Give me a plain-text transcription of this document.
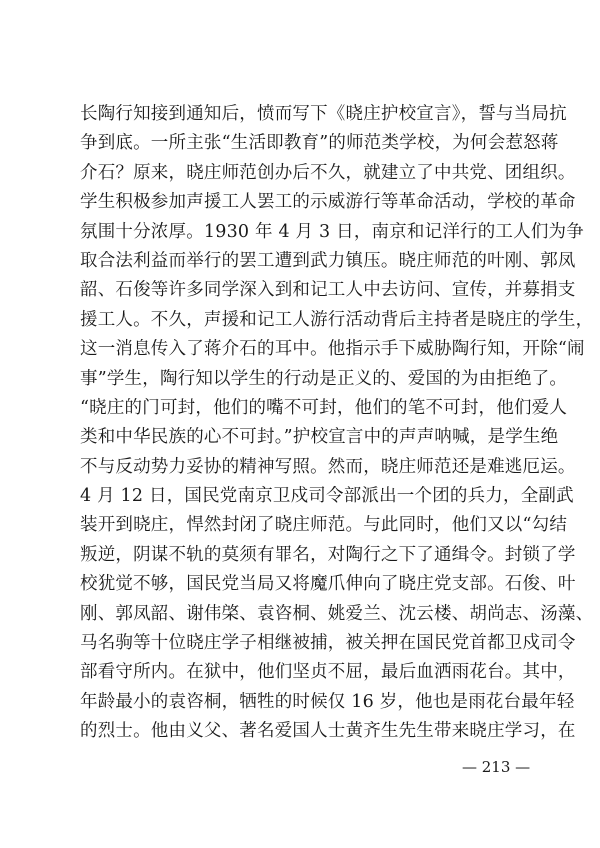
长陶行知接到通知后，愤而写下《晓庄护校宣言》，誓与当局抗
争到底。一所主张“生活即教育”的师范类学校，为何会惹怒蒋
介石？原来，晓庄师范创办后不久，就建立了中共党、团组织。
学生积极参加声援工人罢工的示威游行等革命活动，学校的革命
氛围十分浓厚。1930 年 4 月 3 日，南京和记洋行的工人们为争
取合法利益而举行的罢工遭到武力镇压。晓庄师范的叶刚、郭凤
韶、石俊等许多同学深入到和记工人中去访问、宣传，并募捐支
援工人。不久，声援和记工人游行活动背后主持者是晓庄的学生，
这一消息传入了蒋介石的耳中。他指示手下威胁陶行知，开除“闹
事”学生，陶行知以学生的行动是正义的、爱国的为由拒绝了。
“晓庄的门可封，他们的嘴不可封，他们的笔不可封，他们爱人
类和中华民族的心不可封。”护校宣言中的声声呐喊，是学生绝
不与反动势力妥协的精神写照。然而，晓庄师范还是难逃厄运。
4 月 12 日，国民党南京卫戍司令部派出一个团的兵力，全副武
装开到晓庄，悍然封闭了晓庄师范。与此同时，他们又以“勾结
叛逆，阴谋不轨的莫须有罪名，对陶行之下了通缉令。封锁了学
校犹觉不够，国民党当局又将魔爪伸向了晓庄党支部。石俊、叶
刚、郭凤韶、谢伟棨、袁咨桐、姚爱兰、沈云楼、胡尚志、汤藻、
马名驹等十位晓庄学子相继被捕，被关押在国民党首都卫戍司令
部看守所内。在狱中，他们坚贞不屈，最后血洒雨花台。其中，
年龄最小的袁咨桐，牺牲的时候仅 16 岁，他也是雨花台最年轻
的烈士。他由义父、著名爱国人士黄齐生先生带来晓庄学习，在
— 213 —
